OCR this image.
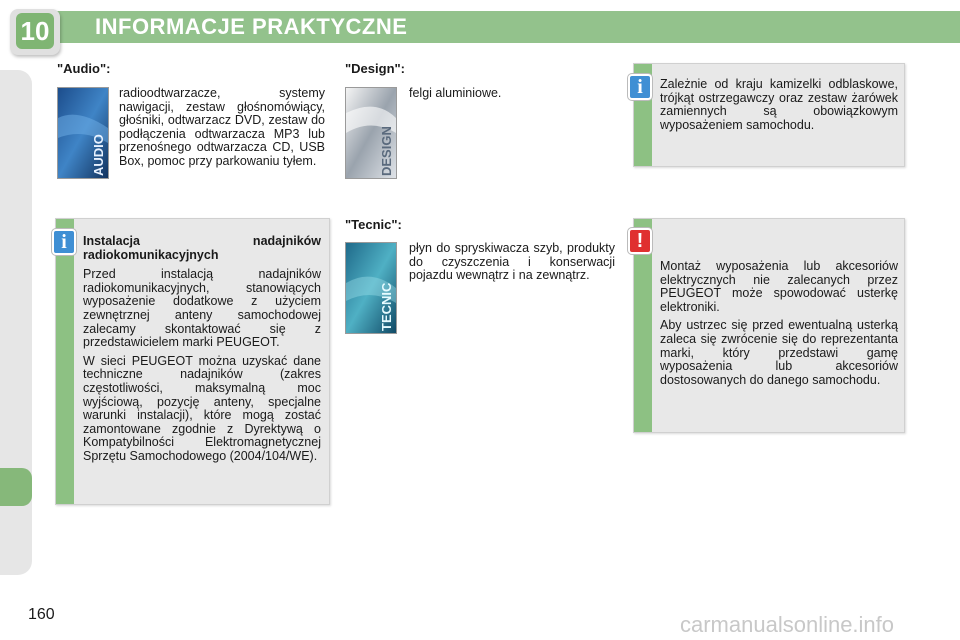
10 INFORMACJE PRAKTYCZNE
"Audio":
AUDIO
radioodtwarzacze, systemy nawigacji, zestaw głośnomówiący, głośniki, odtwarzacz DVD, zestaw do podłączenia odtwarzacza MP3 lub przenośnego odtwarzacza CD, USB Box, pomoc przy parkowaniu tyłem.
"Design":
DESIGN
felgi aluminiowe.
"Tecnic":
TECNIC
płyn do spryskiwacza szyb, produkty do czyszczenia i konserwacji pojazdu wewnątrz i na zewnątrz.
Instalacja nadajników radiokomunikacyjnych

Przed instalacją nadajników radiokomunikacyjnych, stanowiących wyposażenie dodatkowe z użyciem zewnętrznej anteny samochodowej zalecamy skontaktować się z przedstawicielem marki PEUGEOT.

W sieci PEUGEOT można uzyskać dane techniczne nadajników (zakres częstotliwości, maksymalną moc wyjściową, pozycję anteny, specjalne warunki instalacji), które mogą zostać zamontowane zgodnie z Dyrektywą o Kompatybilności Elektromagnetycznej Sprzętu Samochodowego (2004/104/WE).

i
Zależnie od kraju kamizelki odblaskowe, trójkąt ostrzegawczy oraz zestaw żarówek zamiennych są obowiązkowym wyposażeniem samochodu.
i

Montaż wyposażenia lub akcesoriów elektrycznych nie zalecanych przez PEUGEOT może spowodować usterkę elektroniki.

Aby ustrzec się przed ewentualną usterką zaleca się zwrócenie się do reprezentanta marki, który przedstawi gamę wyposażenia lub akcesoriów dostosowanych do danego samochodu.

!
160	carmanualsonline.info
